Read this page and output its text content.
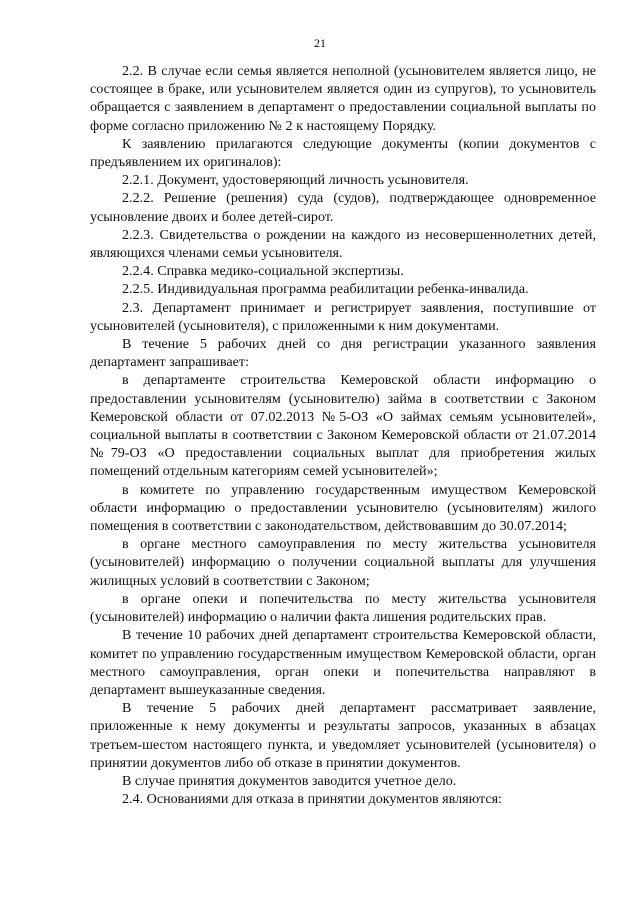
21

2.2. В случае если семья является неполной (усыновителем является лицо, не состоящее в браке, или усыновителем является один из супругов), то усыновитель обращается с заявлением в департамент о предоставлении социальной выплаты по форме согласно приложению № 2 к настоящему Порядку.

К заявлению прилагаются следующие документы (копии документов с предъявлением их оригиналов):

2.2.1. Документ, удостоверяющий личность усыновителя.

2.2.2. Решение (решения) суда (судов), подтверждающее одновременное усыновление двоих и более детей-сирот.

2.2.3. Свидетельства о рождении на каждого из несовершеннолетних детей, являющихся членами семьи усыновителя.

2.2.4. Справка медико-социальной экспертизы.

2.2.5. Индивидуальная программа реабилитации ребенка-инвалида.

2.3. Департамент принимает и регистрирует заявления, поступившие от усыновителей (усыновителя), с приложенными к ним документами.

В течение 5 рабочих дней со дня регистрации указанного заявления департамент запрашивает:

в департаменте строительства Кемеровской области информацию о предоставлении усыновителям (усыновителю) займа в соответствии с Законом Кемеровской области от 07.02.2013 №5-ОЗ «О займах семьям усыновителей», социальной выплаты в соответствии с Законом Кемеровской области от 21.07.2014 №79-ОЗ «О предоставлении социальных выплат для приобретения жилых помещений отдельным категориям семей усыновителей»;

в комитете по управлению государственным имуществом Кемеровской области информацию о предоставлении усыновителю (усыновителям) жилого помещения в соответствии с законодательством, действовавшим до 30.07.2014;

в органе местного самоуправления по месту жительства усыновителя (усыновителей) информацию о получении социальной выплаты для улучшения жилищных условий в соответствии с Законом;

в органе опеки и попечительства по месту жительства усыновителя (усыновителей) информацию о наличии факта лишения родительских прав.

В течение 10 рабочих дней департамент строительства Кемеровской области, комитет по управлению государственным имуществом Кемеровской области, орган местного самоуправления, орган опеки и попечительства направляют в департамент вышеуказанные сведения.

В течение 5 рабочих дней департамент рассматривает заявление, приложенные к нему документы и результаты запросов, указанных в абзацах третьем-шестом настоящего пункта, и уведомляет усыновителей (усыновителя) о принятии документов либо об отказе в принятии документов.

В случае принятия документов заводится учетное дело.

2.4. Основаниями для отказа в принятии документов являются:
